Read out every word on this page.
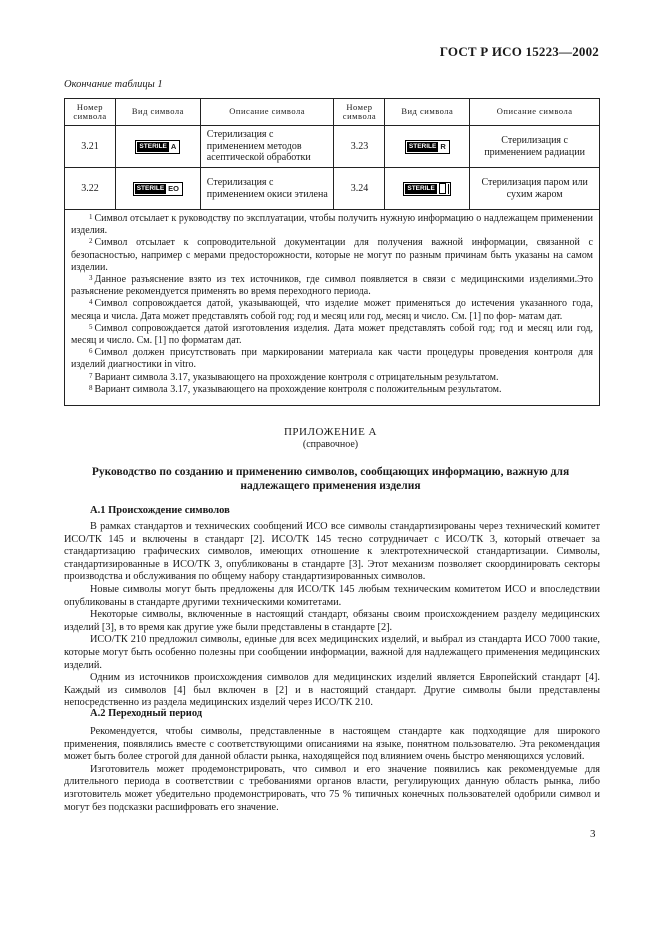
ГОСТ Р ИСО 15223—2002
Окончание таблицы 1
Номер символа	Вид символа	Описание символа	Номер символа	Вид символа	Описание символа
3.21	STERILE A	Стерилизация с применением методов асептической обработки	3.23	STERILE R	Стерилизация с применением радиации
3.22	STERILE EO	Стерилизация с применением окиси этилена	3.24	STERILE	Стерилизация паром или сухим жаром

$^1$ Символ отсылает к руководству по эксплуатации, чтобы получить нужную информацию о надлежащем применении изделия.

$^2$ Символ отсылает к сопроводительной документации для получения важной информации, связанной с безопасностью, например с мерами предосторожности, которые не могут по разным причинам быть указаны на самом изделии.

$^3$ Данное разъяснение взято из тех источников, где символ появляется в связи с медицинскими изделиями.Это разъяснение рекомендуется применять во время переходного периода.

$^4$ Символ сопровождается датой, указывающей, что изделие может применяться до истечения указанного года, месяца и числа. Дата может представлять собой год; год и месяц или год, месяц и число. См. [1] по фор- матам дат.

$^5$ Символ сопровождается датой изготовления изделия. Дата может представлять собой год; год и месяц или год, месяц и число. См. [1] по форматам дат.

$^6$ Символ должен присутствовать при маркировании материала как части процедуры проведения контроля для изделий диагностики in vitro.

$^7$ Вариант символа 3.17, указывающего на прохождение контроля с отрицательным результатом.

$^8$ Вариант символа 3.17, указывающего на прохождение контроля с положительным результатом.

ПРИЛОЖЕНИЕ А
(справочное)
Руководство по созданию и применению символов, сообщающих информацию, важную для надлежащего применения изделия
А.1 Происхождение символов

В рамках стандартов и технических сообщений ИСО все символы стандартизированы через технический комитет ИСО/ТК 145 и включены в стандарт [2]. ИСО/ТК 145 тесно сотрудничает с ИСО/ТК 3, который отвечает за стандартизацию графических символов, имеющих отношение к электротехнической стандартизации. Символы, стандартизированные в ИСО/ТК 3, опубликованы в стандарте [3]. Этот механизм позволяет скоординировать секторы производства и обслуживания по общему набору стандартизированных символов.

Новые символы могут быть предложены для ИСО/ТК 145 любым техническим комитетом ИСО и впоследствии опубликованы в стандарте другими техническими комитетами.

Некоторые символы, включенные в настоящий стандарт, обязаны своим происхождением разделу медицинских изделий [3], в то время как другие уже были представлены в стандарте [2].

ИСО/ТК 210 предложил символы, единые для всех медицинских изделий, и выбрал из стандарта ИСО 7000 такие, которые могут быть особенно полезны при сообщении информации, важной для надлежащего применения медицинских изделий.

Одним из источников происхождения символов для медицинских изделий является Европейский стандарт [4]. Каждый из символов [4] был включен в [2] и в настоящий стандарт. Другие символы были представлены непосредственно из раздела медицинских изделий через ИСО/ТК 210.

А.2 Переходный период

Рекомендуется, чтобы символы, представленные в настоящем стандарте как подходящие для широкого применения, появлялись вместе с соответствующими описаниями на языке, понятном пользователю. Эта рекомендация может быть более строгой для данной области рынка, находящейся под влиянием очень быстро меняющихся условий.

Изготовитель может продемонстрировать, что символ и его значение появились как рекомендуемые для длительного периода в соответствии с требованиями органов власти, регулирующих данную область рынка, либо изготовитель может убедительно продемонстрировать, что 75 % типичных конечных пользователей одобрили символ и могут без подсказки расшифровать его значение.

3
